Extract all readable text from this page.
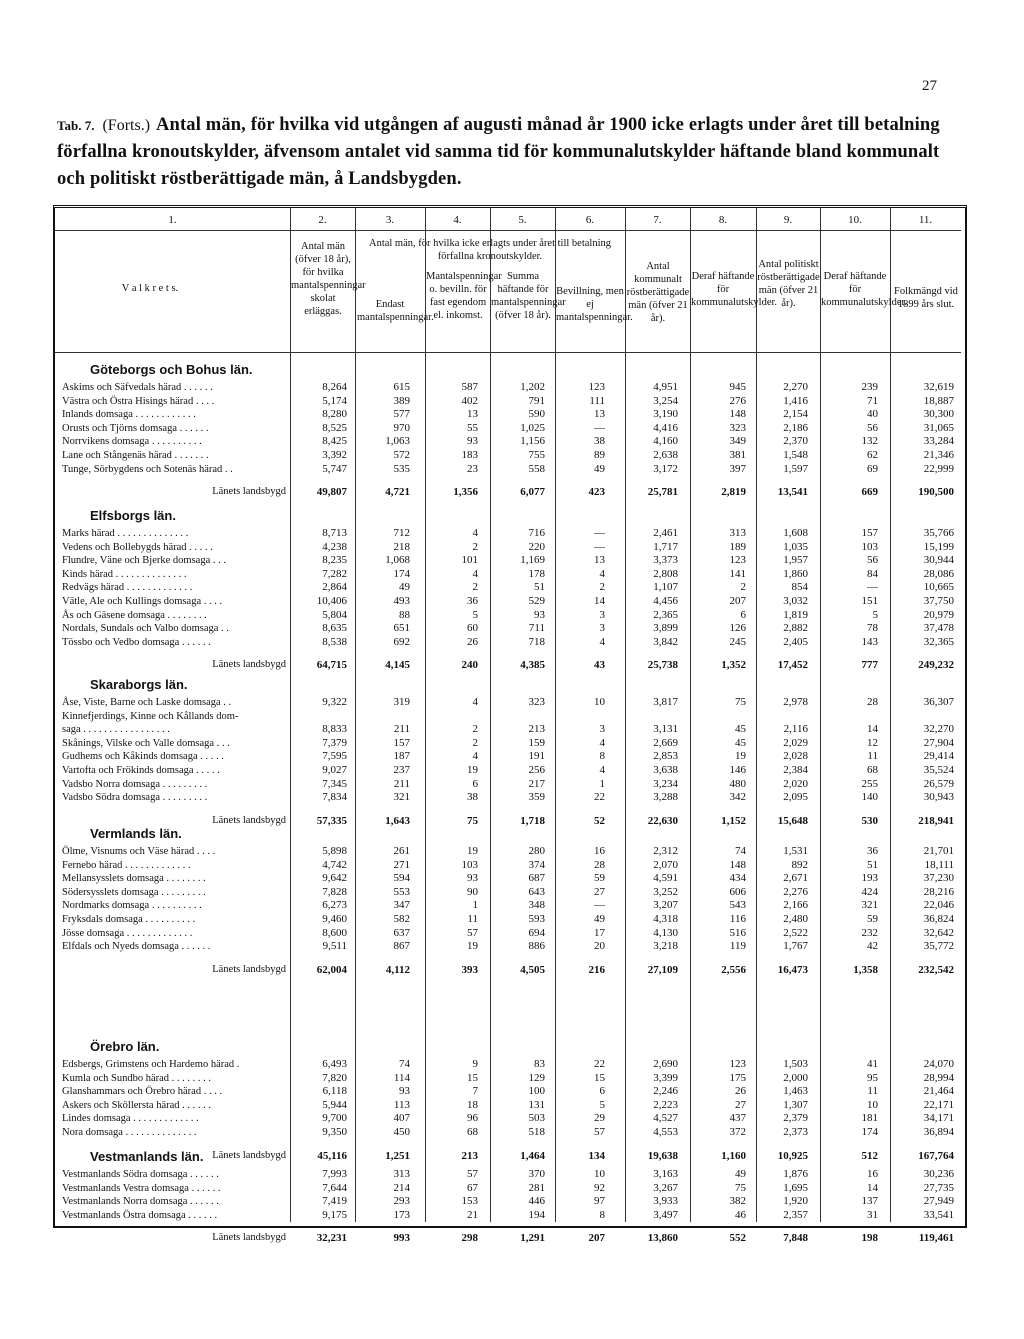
27
Tab. 7. (Forts.) Antal män, för hvilka vid utgången af augusti månad år 1900 icke erlagts under året till betalning förfallna kronoutskylder, äfvensom antalet vid samma tid för kommunalutskylder häftande bland kommunalt och politiskt röstberättigade män, å Landsbygden.
1.	2.	3.	4.	5.	6.	7.	8.	9.	10.	11.
V a l k r e t s.
Antal män (öfver 18 år), för hvilka mantalspenningar skolat erläggas.
Antal män, för hvilka icke erlagts under året till betalning förfallna kronoutskylder.
Endast mantalspenningar.
Mantalspenningar o. bevilln. för fast egendom el. inkomst.
Summa häftande för mantalspenningar (öfver 18 år).
Bevillning, men ej mantalspenningar.
Antal kommunalt röstberättigade män (öfver 21 år).
Deraf häftande för kommunalutskylder.
Antal politiskt röstberättigade män (öfver 21 år).
Deraf häftande för kommunalutskylder.
Folkmängd vid 1899 års slut.
Göteborgs och Bohus län.
Askims och Säfvedals härad . . . . . .	8,264	615	587	1,202	123	4,951	945	2,270	239	32,619
Västra och Östra Hisings härad . . . .	5,174	389	402	791	111	3,254	276	1,416	71	18,887
Inlands domsaga . . . . . . . . . . . .	8,280	577	13	590	13	3,190	148	2,154	40	30,300
Orusts och Tjörns domsaga . . . . . .	8,525	970	55	1,025	—	4,416	323	2,186	56	31,065
Norrvikens domsaga . . . . . . . . . .	8,425	1,063	93	1,156	38	4,160	349	2,370	132	33,284
Lane och Stångenäs härad . . . . . . .	3,392	572	183	755	89	2,638	381	1,548	62	21,346
Tunge, Sörbygdens och Sotenäs härad . .	5,747	535	23	558	49	3,172	397	1,597	69	22,999
Länets landsbygd	49,807	4,721	1,356	6,077	423	25,781	2,819	13,541	669	190,500
Elfsborgs län.
Marks härad . . . . . . . . . . . . . .	8,713	712	4	716	—	2,461	313	1,608	157	35,766
Vedens och Bollebygds härad . . . . .	4,238	218	2	220	—	1,717	189	1,035	103	15,199
Flundre, Väne och Bjerke domsaga . . .	8,235	1,068	101	1,169	13	3,373	123	1,957	56	30,944
Kinds härad . . . . . . . . . . . . . .	7,282	174	4	178	4	2,808	141	1,860	84	28,086
Redvägs härad . . . . . . . . . . . . .	2,864	49	2	51	2	1,107	2	854	—	10,665
Vätle, Ale och Kullings domsaga . . . .	10,406	493	36	529	14	4,456	207	3,032	151	37,750
Ås och Gäsene domsaga . . . . . . . .	5,804	88	5	93	3	2,365	6	1,819	5	20,979
Nordals, Sundals och Valbo domsaga . .	8,635	651	60	711	3	3,899	126	2,882	78	37,478
Tössbo och Vedbo domsaga . . . . . .	8,538	692	26	718	4	3,842	245	2,405	143	32,365
Länets landsbygd	64,715	4,145	240	4,385	43	25,738	1,352	17,452	777	249,232
Skaraborgs län.
Åse, Viste, Barne och Laske domsaga . .	9,322	319	4	323	10	3,817	75	2,978	28	36,307
Kinnefjerdings, Kinne och Kållands dom-
saga . . . . . . . . . . . . . . . . .	8,833	211	2	213	3	3,131	45	2,116	14	32,270
Skånings, Vilske och Valle domsaga . . .	7,379	157	2	159	4	2,669	45	2,029	12	27,904
Gudhems och Kåkinds domsaga . . . . .	7,595	187	4	191	8	2,853	19	2,028	11	29,414
Vartofta och Frökinds domsaga . . . . .	9,027	237	19	256	4	3,638	146	2,384	68	35,524
Vadsbo Norra domsaga . . . . . . . . .	7,345	211	6	217	1	3,234	480	2,020	255	26,579
Vadsbo Södra domsaga . . . . . . . . .	7,834	321	38	359	22	3,288	342	2,095	140	30,943
Länets landsbygd	57,335	1,643	75	1,718	52	22,630	1,152	15,648	530	218,941
Vermlands län.
Ölme, Visnums och Väse härad . . . .	5,898	261	19	280	16	2,312	74	1,531	36	21,701
Fernebo härad . . . . . . . . . . . . .	4,742	271	103	374	28	2,070	148	892	51	18,111
Mellansysslets domsaga . . . . . . . .	9,642	594	93	687	59	4,591	434	2,671	193	37,230
Södersysslets domsaga . . . . . . . . .	7,828	553	90	643	27	3,252	606	2,276	424	28,216
Nordmarks domsaga . . . . . . . . . .	6,273	347	1	348	—	3,207	543	2,166	321	22,046
Fryksdals domsaga . . . . . . . . . .	9,460	582	11	593	49	4,318	116	2,480	59	36,824
Jösse domsaga . . . . . . . . . . . . .	8,600	637	57	694	17	4,130	516	2,522	232	32,642
Elfdals och Nyeds domsaga . . . . . .	9,511	867	19	886	20	3,218	119	1,767	42	35,772
Länets landsbygd	62,004	4,112	393	4,505	216	27,109	2,556	16,473	1,358	232,542
Örebro län.
Edsbergs, Grimstens och Hardemo härad .	6,493	74	9	83	22	2,690	123	1,503	41	24,070
Kumla och Sundbo härad . . . . . . . .	7,820	114	15	129	15	3,399	175	2,000	95	28,994
Glanshammars och Örebro härad . . . .	6,118	93	7	100	6	2,246	26	1,463	11	21,464
Askers och Sköllersta härad . . . . . .	5,944	113	18	131	5	2,223	27	1,307	10	22,171
Lindes domsaga . . . . . . . . . . . . .	9,700	407	96	503	29	4,527	437	2,379	181	34,171
Nora domsaga . . . . . . . . . . . . . .	9,350	450	68	518	57	4,553	372	2,373	174	36,894
Länets landsbygd	45,116	1,251	213	1,464	134	19,638	1,160	10,925	512	167,764
Vestmanlands län.
Vestmanlands Södra domsaga . . . . . .	7,993	313	57	370	10	3,163	49	1,876	16	30,236
Vestmanlands Vestra domsaga . . . . . .	7,644	214	67	281	92	3,267	75	1,695	14	27,735
Vestmanlands Norra domsaga . . . . . .	7,419	293	153	446	97	3,933	382	1,920	137	27,949
Vestmanlands Östra domsaga . . . . . .	9,175	173	21	194	8	3,497	46	2,357	31	33,541
Länets landsbygd	32,231	993	298	1,291	207	13,860	552	7,848	198	119,461
